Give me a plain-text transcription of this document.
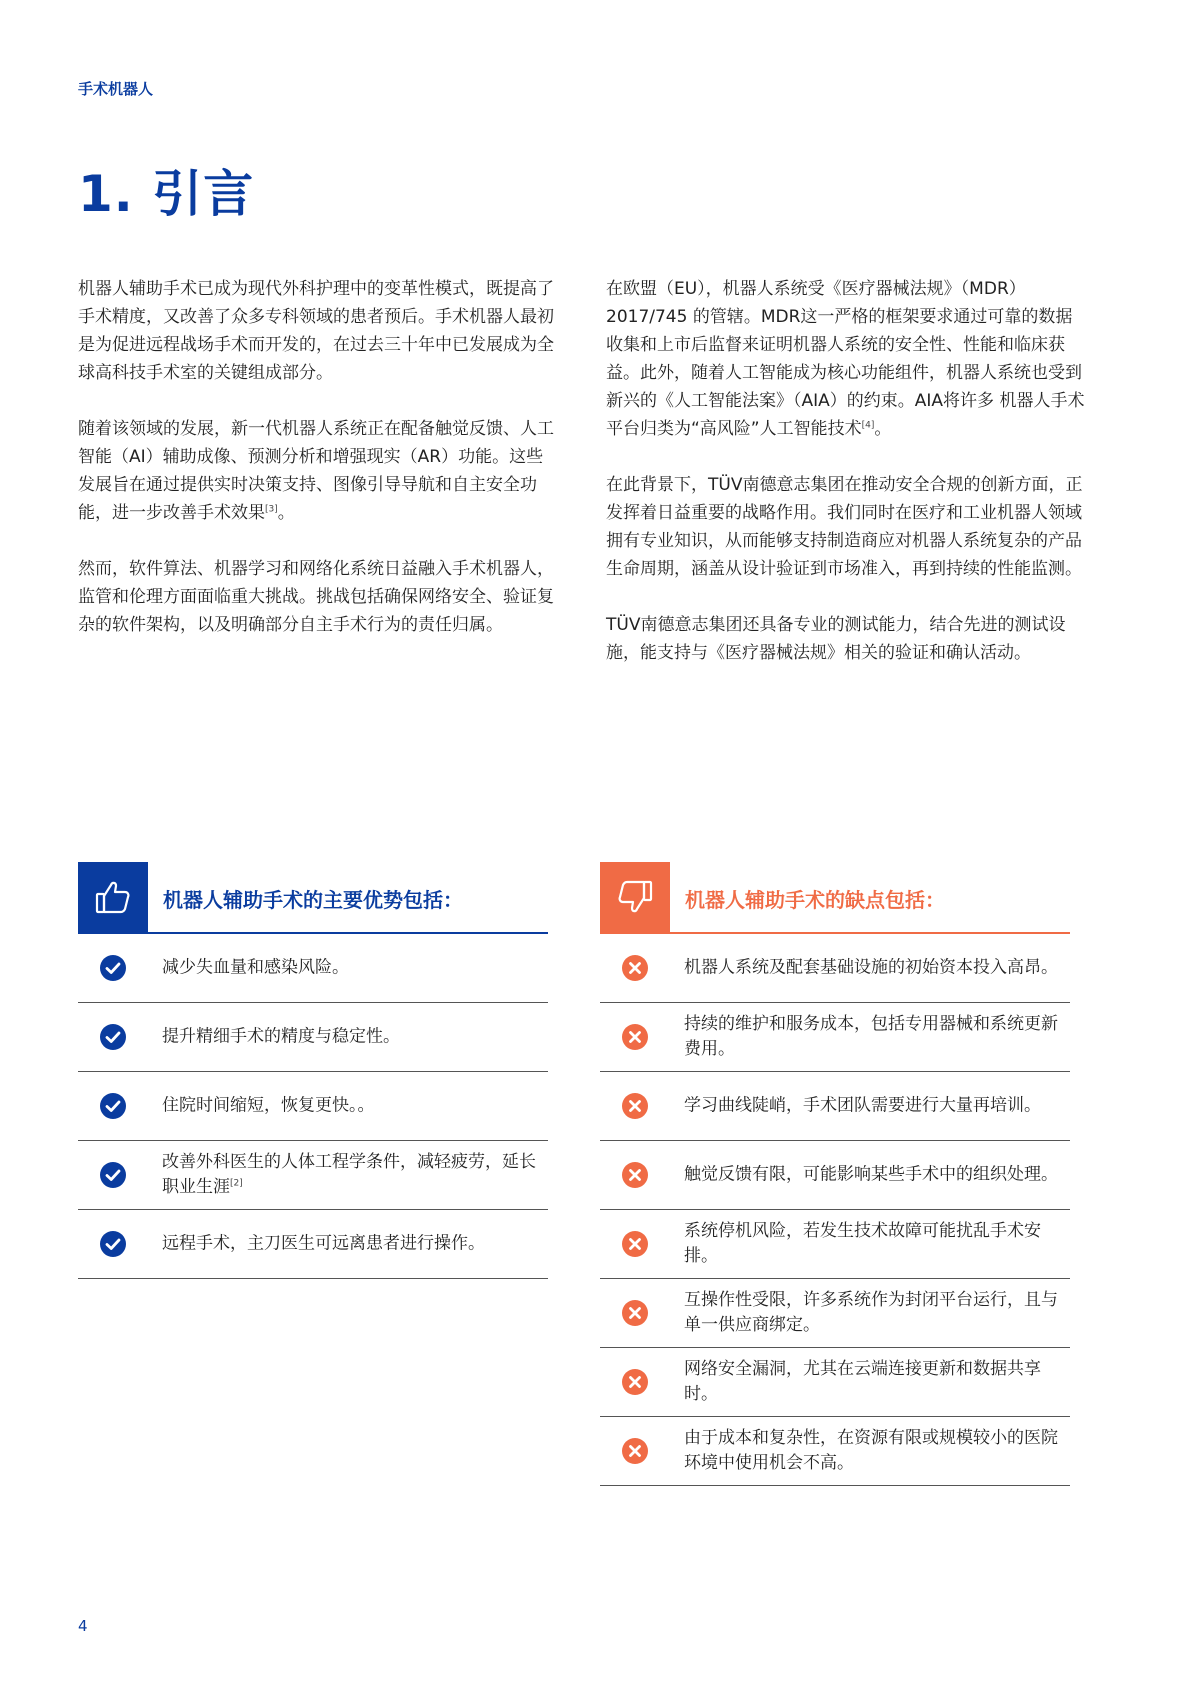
手术机器人
1. 引言

机器人辅助手术已成为现代外科护理中的变革性模式，既提高了手术精度，又改善了众多专科领域的患者预后。手术机器人最初是为促进远程战场手术而开发的，在过去三十年中已发展成为全球高科技手术室的关键组成部分。

随着该领域的发展，新一代机器人系统正在配备触觉反馈、人工智能（AI）辅助成像、预测分析和增强现实（AR）功能。这些发展旨在通过提供实时决策支持、图像引导导航和自主安全功能，进一步改善手术效果[3]。

然而，软件算法、机器学习和网络化系统日益融入手术机器人，监管和伦理方面面临重大挑战。挑战包括确保网络安全、验证复杂的软件架构，以及明确部分自主手术行为的责任归属。

在欧盟（EU），机器人系统受《医疗器械法规》（MDR）2017/745 的管辖。MDR这一严格的框架要求通过可靠的数据收集和上市后监督来证明机器人系统的安全性、性能和临床获益。此外，随着人工智能成为核心功能组件，机器人系统也受到新兴的《人工智能法案》（AIA）的约束。AIA将许多 机器人手术平台归类为“高风险”人工智能技术[4]。

在此背景下，TÜV南德意志集团在推动安全合规的创新方面，正发挥着日益重要的战略作用。我们同时在医疗和工业机器人领域拥有专业知识，从而能够支持制造商应对机器人系统复杂的产品生命周期，涵盖从设计验证到市场准入，再到持续的性能监测。

TÜV南德意志集团还具备专业的测试能力，结合先进的测试设施，能支持与《医疗器械法规》相关的验证和确认活动。

机器人辅助手术的主要优势包括：
减少失血量和感染风险。
提升精细手术的精度与稳定性。
住院时间缩短，恢复更快。。
改善外科医生的人体工程学条件，减轻疲劳，延长职业生涯[2]
远程手术，主刀医生可远离患者进行操作。
机器人辅助手术的缺点包括：
机器人系统及配套基础设施的初始资本投入高昂。
持续的维护和服务成本，包括专用器械和系统更新费用。
学习曲线陡峭，手术团队需要进行大量再培训。
触觉反馈有限，可能影响某些手术中的组织处理。
系统停机风险，若发生技术故障可能扰乱手术安排。
互操作性受限，许多系统作为封闭平台运行，且与单一供应商绑定。
网络安全漏洞，尤其在云端连接更新和数据共享时。
由于成本和复杂性，在资源有限或规模较小的医院环境中使用机会不高。
4
